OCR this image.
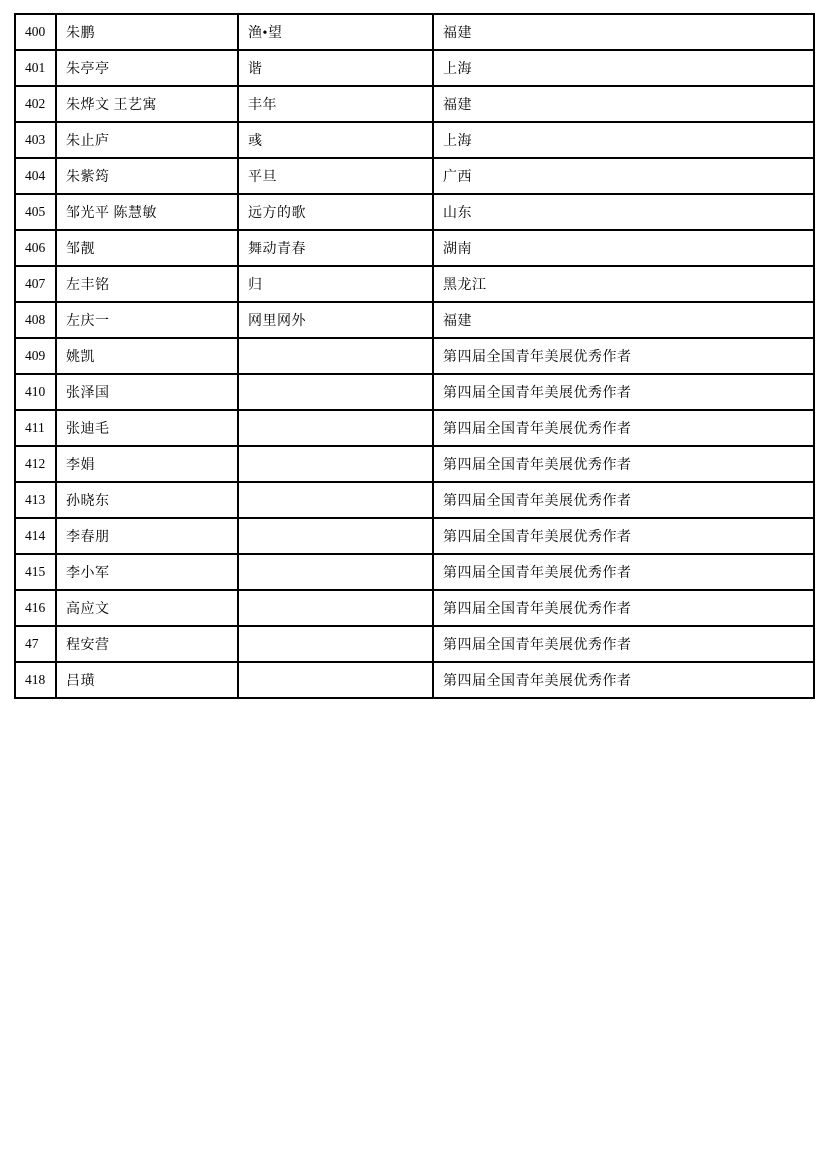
400	朱鹏	渔•望	福建
401	朱亭亭	谐	上海
402	朱烨文 王艺寓	丰年	福建
403	朱止庐	彧	上海
404	朱紫筠	平旦	广西
405	邹光平 陈慧敏	远方的歌	山东
406	邹靓	舞动青春	湖南
407	左丰铭	归	黑龙江
408	左庆一	网里网外	福建
409	姚凯		第四届全国青年美展优秀作者
410	张泽国		第四届全国青年美展优秀作者
411	张迪毛		第四届全国青年美展优秀作者
412	李娟		第四届全国青年美展优秀作者
413	孙晓东		第四届全国青年美展优秀作者
414	李春朋		第四届全国青年美展优秀作者
415	李小军		第四届全国青年美展优秀作者
416	高应文		第四届全国青年美展优秀作者
47	程安营		第四届全国青年美展优秀作者
418	吕璜		第四届全国青年美展优秀作者
